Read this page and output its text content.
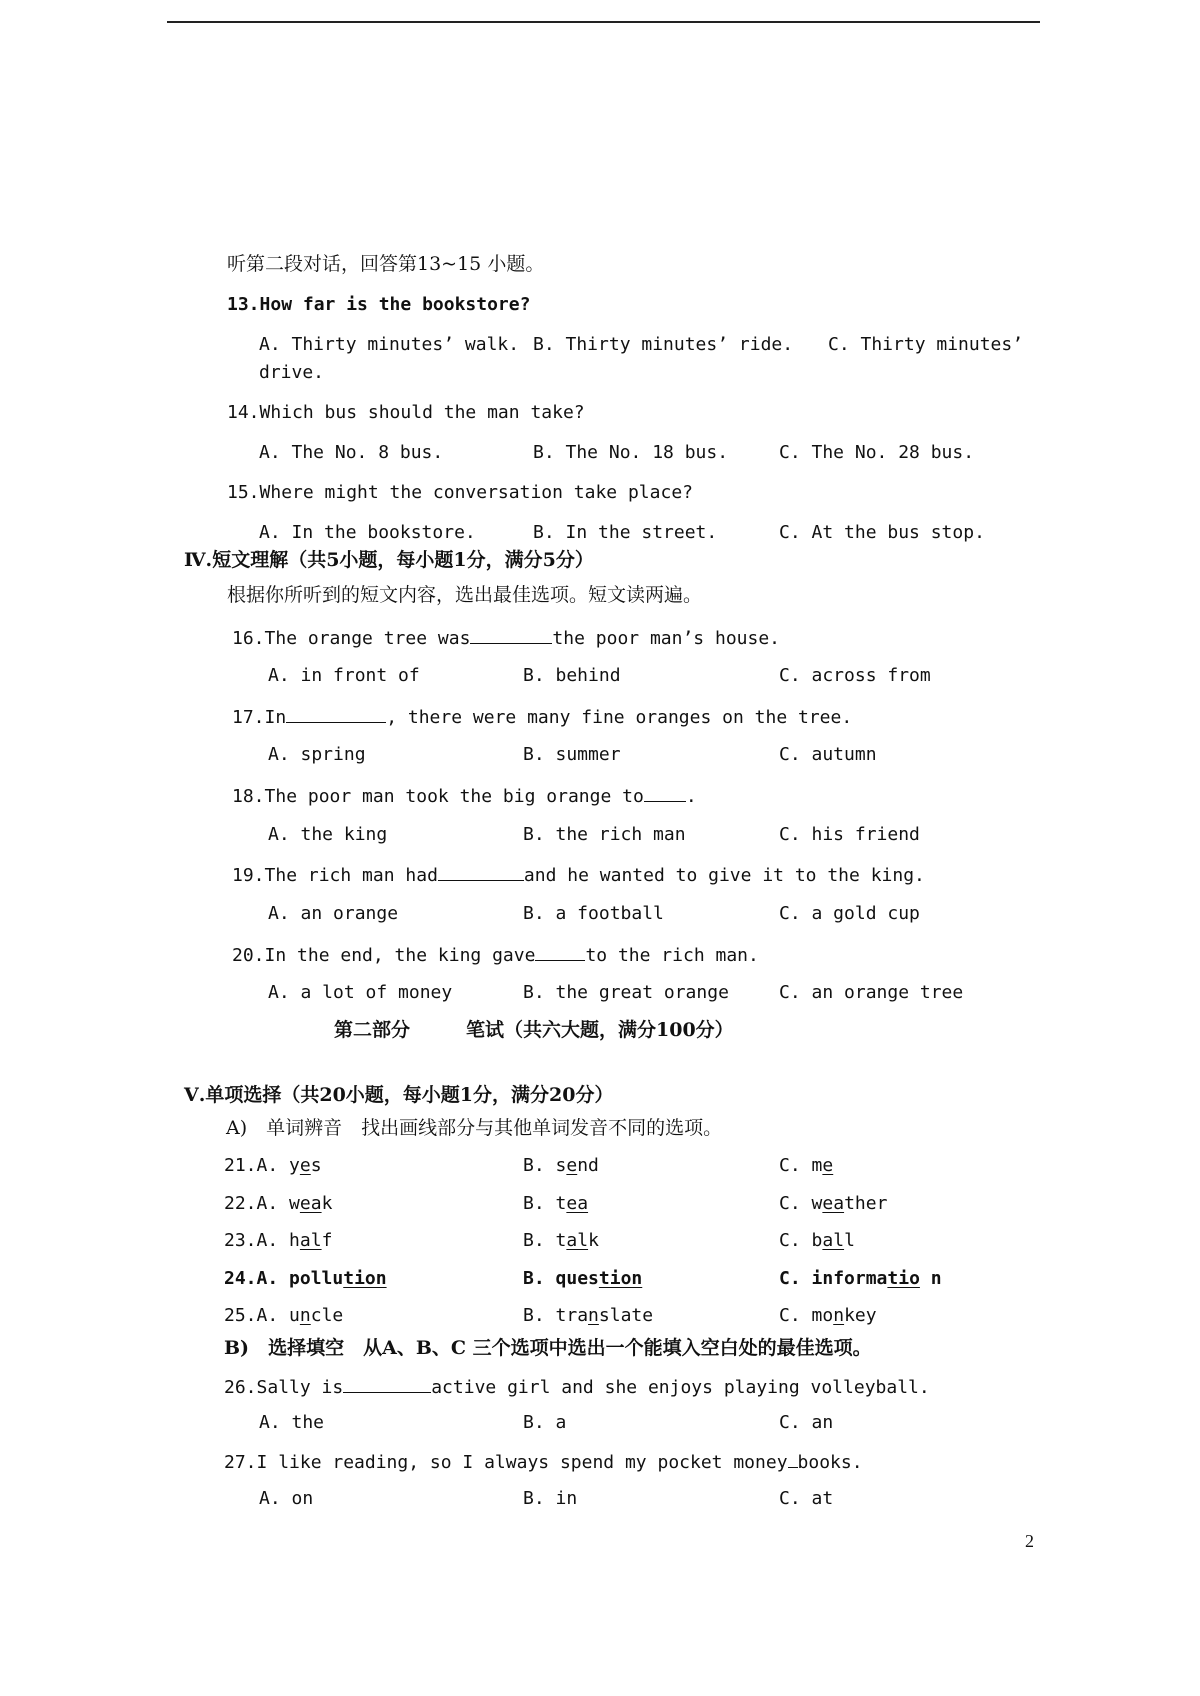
听第二段对话，回答第13~15 小题。
13.How far is the bookstore?
A. Thirty minutes’ walk. B. Thirty minutes’ ride. C. Thirty minutes’
drive.
14.Which bus should the man take?
A. The No. 8 bus.	B. The No. 18 bus.	C. The No. 28 bus.
15.Where might the conversation take place?
A. In the bookstore.	B. In the street.	C. At the bus stop.
Ⅳ.短文理解（共5小题，每小题1分，满分5分）
根据你所听到的短文内容，选出最佳选项。短文读两遍。
16.The orange tree was	the poor man’s house.
A. in front of	B. behind	C. across from
17.In	, there were many fine oranges on the tree.
A. spring	B. summer	C. autumn
18.The poor man took the big orange to .
A. the king	B. the rich man	C. his friend
19.The rich man had	and he wanted to give it to the king.
A. an orange	B. a football	C. a gold cup
20.In the end, the king gave	to the rich man.
A. a lot of money	B. the great orange	C. an orange tree
第二部分	笔试（共六大题，满分100分）
Ⅴ.单项选择（共20小题，每小题1分，满分20分）
A)　 单词辨音　找出画线部分与其他单词发音不同的选项。
21.A. yes	B. send	C. me
22.A. weak	B. tea	C. weather
23.A. half	B. talk	C. ball
24.A. pollution	B. question	C. informatio n
25.A. uncle	B. translate	C. monkey
B)　 选择填空　从A、B、C 三个选项中选出一个能填入空白处的最佳选项。
26.Sally is	active girl and she enjoys playing volleyball.
A. the	B. a	C. an
27.I like reading, so I always spend my pocket money books.
A. on	B. in	C. at
2
